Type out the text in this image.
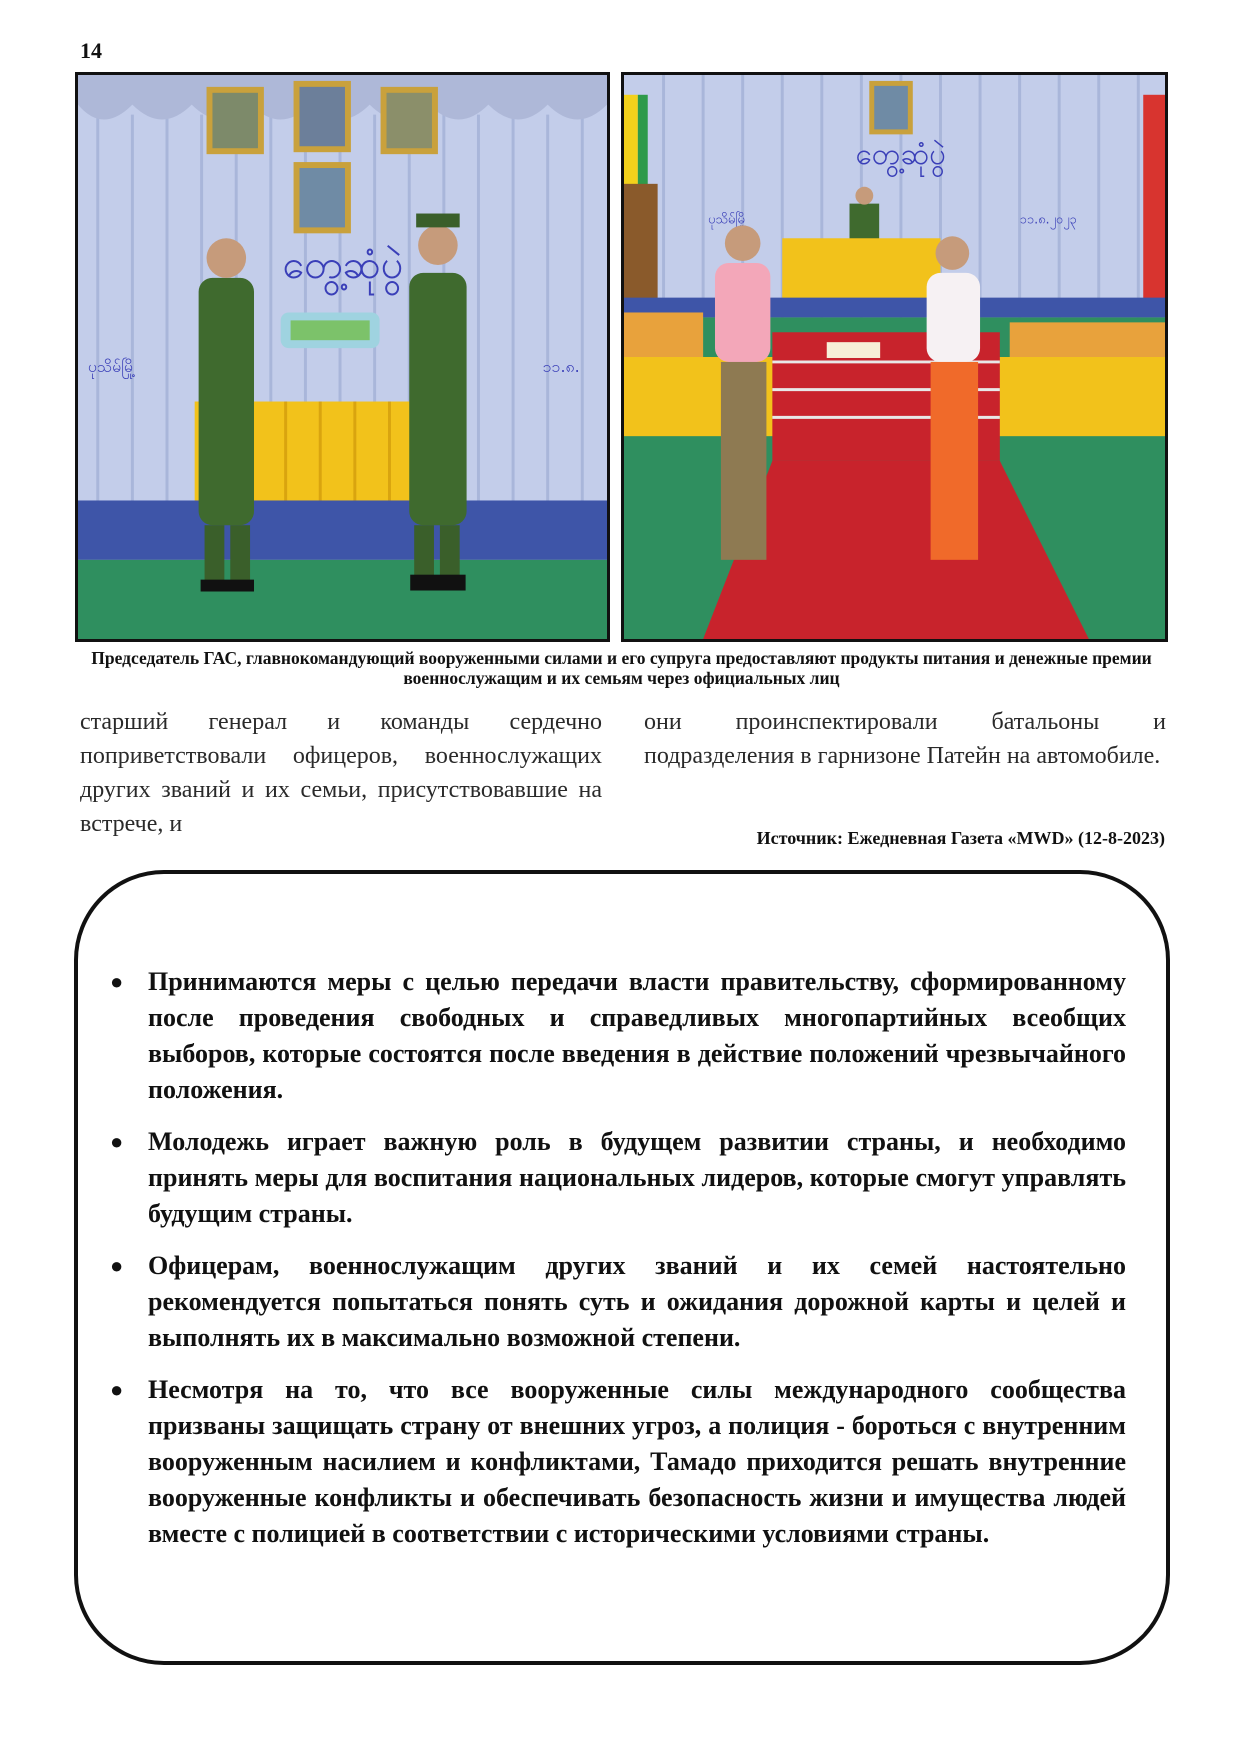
14
တွေ့ဆုံပွဲ
ပုသိမ်မြို့	၁၁.၈.
တွေ့ဆုံပွဲ
ပုသိမ်မြို့	၁၁.၈.၂၀၂၃
Председатель ГАС, главнокомандующий вооруженными силами и его супруга предоставляют продукты питания и денежные премии военнослужащим и их семьям через официальных лиц
старший генерал и команды сердечно поприветствовали офицеров, военнослужащих других званий и их семьи, присутствовавшие на встрече, и
они проинспектировали батальоны и подразделения в гарнизоне Патейн на автомобиле.
Источник: Ежедневная Газета «MWD» (12-8-2023)
● Принимаются меры с целью передачи власти правительству, сформированному после проведения свободных и справедливых многопартийных всеобщих выборов, которые состоятся после введения в действие положений чрезвычайного положения.
● Молодежь играет важную роль в будущем развитии страны, и необходимо принять меры для воспитания национальных лидеров, которые смогут управлять будущим страны.
● Офицерам, военнослужащим других званий и их семей настоятельно рекомендуется попытаться понять суть и ожидания дорожной карты и целей и выполнять их в максимально возможной степени.
● Несмотря на то, что все вооруженные силы международного сообщества призваны защищать страну от внешних угроз, а полиция - бороться с внутренним вооруженным насилием и конфликтами, Тамадо приходится решать внутренние вооруженные конфликты и обеспечивать безопасность жизни и имущества людей вместе с полицией в соответствии с историческими условиями страны.
